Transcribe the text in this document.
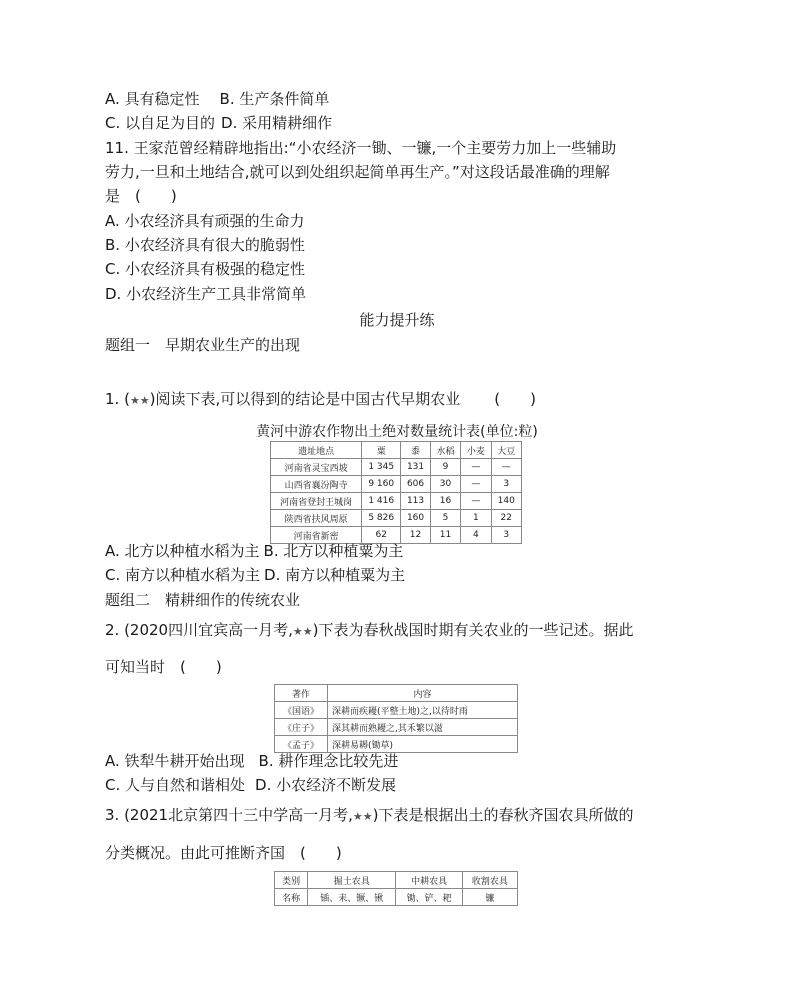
A. 具有稳定性 B. 生产条件简单
C. 以自足为目的 D. 采用精耕细作
11. 王家范曾经精辟地指出:“小农经济一锄、一镰,一个主要劳力加上一些辅助
劳力,一旦和土地结合,就可以到处组织起简单再生产。”对这段话最准确的理解
是　(　　)
A. 小农经济具有顽强的生命力
B. 小农经济具有很大的脆弱性
C. 小农经济具有极强的稳定性
D. 小农经济生产工具非常简单
能力提升练
题组一　早期农业生产的出现
1. (★★)阅读下表,可以得到的结论是中国古代早期农业 (　　)
黄河中游农作物出土绝对数量统计表(单位:粒)
遗址地点	粟	黍	水稻	小麦	大豆
河南省灵宝西坡	1 345	131	9	—	—
山西省襄汾陶寺	9 160	606	30	—	3
河南省登封王城岗	1 416	113	16	—	140
陕西省扶风周原	5 826	160	5	1	22
河南省新密	62	12	11	4	3
A. 北方以种植水稻为主 B. 北方以种植粟为主
C. 南方以种植水稻为主 D. 南方以种植粟为主
题组二　精耕细作的传统农业
2. (2020四川宜宾高一月考,★★)下表为春秋战国时期有关农业的一些记述。据此
可知当时　(　　)
著作	内容
《国语》	深耕而疾耰(平整土地)之,以待时雨
《庄子》	深其耕而熟耰之,其禾繁以滋
《孟子》	深耕易耨(锄草)
A. 铁犁牛耕开始出现 B. 耕作理念比较先进
C. 人与自然和谐相处 D. 小农经济不断发展
3. (2021北京第四十三中学高一月考,★★)下表是根据出土的春秋齐国农具所做的
分类概况。由此可推断齐国　(　　)
类别	掘土农具	中耕农具	收割农具
名称	锸、耒、镢、锹	锄、铲、耙	镰
